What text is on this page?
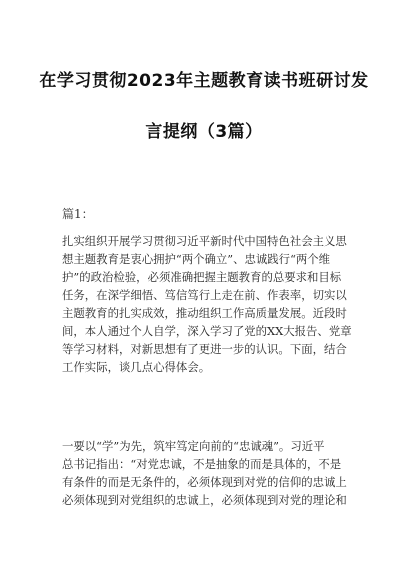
在学习贯彻2023年主题教育读书班研讨发
言提纲（3篇）
篇1：
扎实组织开展学习贯彻习近平新时代中国特色社会主义思
想主题教育是衷心拥护“两个确立”、忠诚践行“两个维
护”的政治检验，必须准确把握主题教育的总要求和目标
任务，在深学细悟、笃信笃行上走在前、作表率，切实以
主题教育的扎实成效，推动组织工作高质量发展。近段时
间，本人通过个人自学，深入学习了党的XX大报告、党章
等学习材料，对新思想有了更进一步的认识。下面，结合
工作实际，谈几点心得体会。
一要以“学”为先，筑牢笃定向前的“忠诚魂”。习近平
总书记指出：“对党忠诚，不是抽象的而是具体的，不是
有条件的而是无条件的，必须体现到对党的信仰的忠诚上
必须体现到对党组织的忠诚上，必须体现到对党的理论和
